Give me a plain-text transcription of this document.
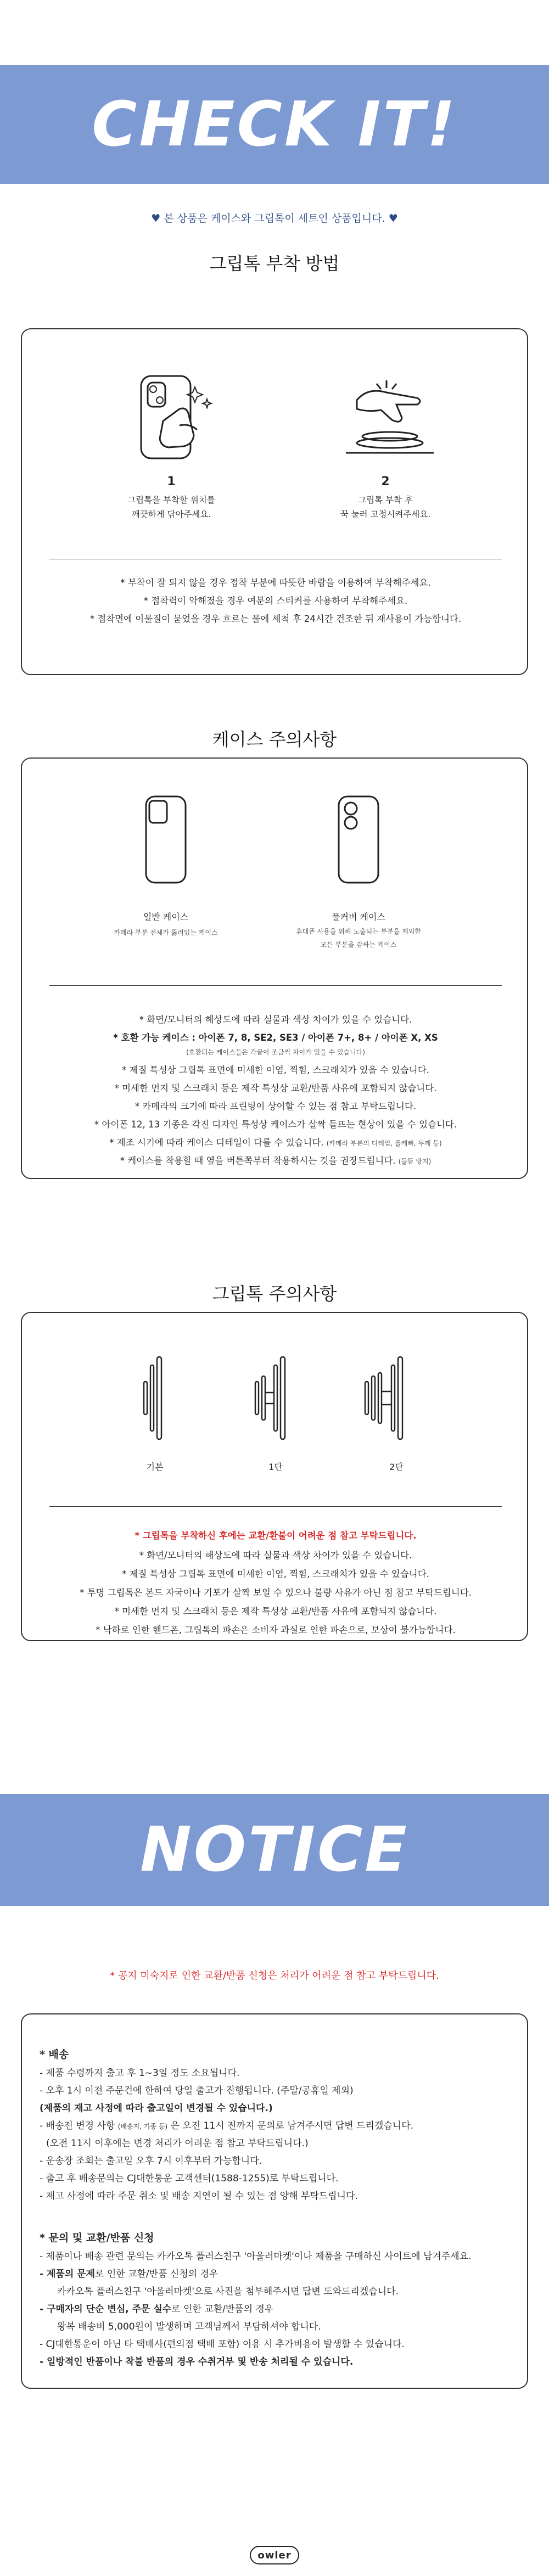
CHECK IT!
♥ 본 상품은 케이스와 그립톡이 세트인 상품입니다. ♥
그립톡 부착 방법
1
그립톡을 부착할 위치를
깨끗하게 닦아주세요.
2
그립톡 부착 후
꾹 눌러 고정시켜주세요.
* 부착이 잘 되지 않을 경우 접착 부분에 따뜻한 바람을 이용하여 부착해주세요.
* 접착력이 약해졌을 경우 여분의 스티커를 사용하여 부착해주세요.
* 접착면에 이물질이 묻었을 경우 흐르는 물에 세척 후 24시간 건조한 뒤 재사용이 가능합니다.
케이스 주의사항
일반 케이스
카메라 부분 전체가 뚫려있는 케이스
풀커버 케이스
휴대폰 사용을 위해 노출되는 부분을 제외한
모든 부분을 감싸는 케이스
* 화면/모니터의 해상도에 따라 실물과 색상 차이가 있을 수 있습니다.
* 호환 가능 케이스 : 아이폰 7, 8, SE2, SE3 / 아이폰 7+, 8+ / 아이폰 X, XS
(호환되는 케이스들은 각끝이 조금씩 차이가 있을 수 있습니다)
* 제질 특성상 그립톡 표면에 미세한 이염, 찍힘, 스크래치가 있을 수 있습니다.
* 미세한 먼지 및 스크래치 등은 제작 특성상 교환/반품 사유에 포함되지 않습니다.
* 카메라의 크기에 따라 프린팅이 상이할 수 있는 점 참고 부탁드립니다.
* 아이폰 12, 13 기종은 각진 디자인 특성상 케이스가 살짝 들뜨는 현상이 있을 수 있습니다.
* 제조 시기에 따라 케이스 디테일이 다를 수 있습니다. (카메라 부분의 디테일, 플캐빠, 두께 등)
* 케이스를 착용할 때 옆을 버튼쪽부터 착용하시는 것을 권장드립니다. (들뜸 방지)
그립톡 주의사항
기본	1단	2단
* 그립톡을 부착하신 후에는 교환/환불이 어려운 점 참고 부탁드립니다.
* 화면/모니터의 해상도에 따라 실물과 색상 차이가 있을 수 있습니다.
* 제질 특성상 그립톡 표면에 미세한 이염, 찍힘, 스크래치가 있을 수 있습니다.
* 투명 그립톡은 본드 자국이나 기포가 살짝 보일 수 있으나 불량 사유가 아닌 점 참고 부탁드립니다.
* 미세한 먼지 및 스크래치 등은 제작 특성상 교환/반품 사유에 포함되지 않습니다.
* 낙하로 인한 핸드폰, 그립톡의 파손은 소비자 과실로 인한 파손으로, 보상이 불가능합니다.
NOTICE
* 공지 미숙지로 인한 교환/반품 신청은 처리가 어려운 점 참고 부탁드립니다.
* 배송
- 제품 수령까지 출고 후 1~3일 정도 소요됩니다.
- 오후 1시 이전 주문건에 한하여 당일 출고가 진행됩니다. (주말/공휴일 제외)
(제품의 재고 사정에 따라 출고일이 변경될 수 있습니다.)
- 배송전 변경 사항 (배송지, 기종 등) 은 오전 11시 전까지 문의로 남겨주시면 답변 드리겠습니다.
(오전 11시 이후에는 변경 처리가 어려운 점 참고 부탁드립니다.)
- 운송장 조회는 출고일 오후 7시 이후부터 가능합니다.
- 출고 후 배송문의는 CJ대한통운 고객센터(1588-1255)로 부탁드립니다.
- 제고 사정에 따라 주문 취소 및 배송 지연이 될 수 있는 점 양해 부탁드립니다.
* 문의 및 교환/반품 신청
- 제품이나 배송 관련 문의는 카카오톡 플러스친구 '아울러마켓'이나 제품을 구매하신 사이트에 남겨주세요.
- 제품의 문제로 인한 교환/반품 신청의 경우
카카오톡 플러스친구 '아울러마켓'으로 사진을 첨부해주시면 답변 도와드리겠습니다.
- 구매자의 단순 변심, 주문 실수로 인한 교환/반품의 경우
왕복 배송비 5,000원이 발생하며 고객님께서 부담하셔야 합니다.
- CJ대한통운이 아닌 타 택배사(편의점 택배 포함) 이용 시 추가비용이 발생할 수 있습니다.
- 일방적인 반품이나 착불 반품의 경우 수취거부 및 반송 처리될 수 있습니다.
owler
